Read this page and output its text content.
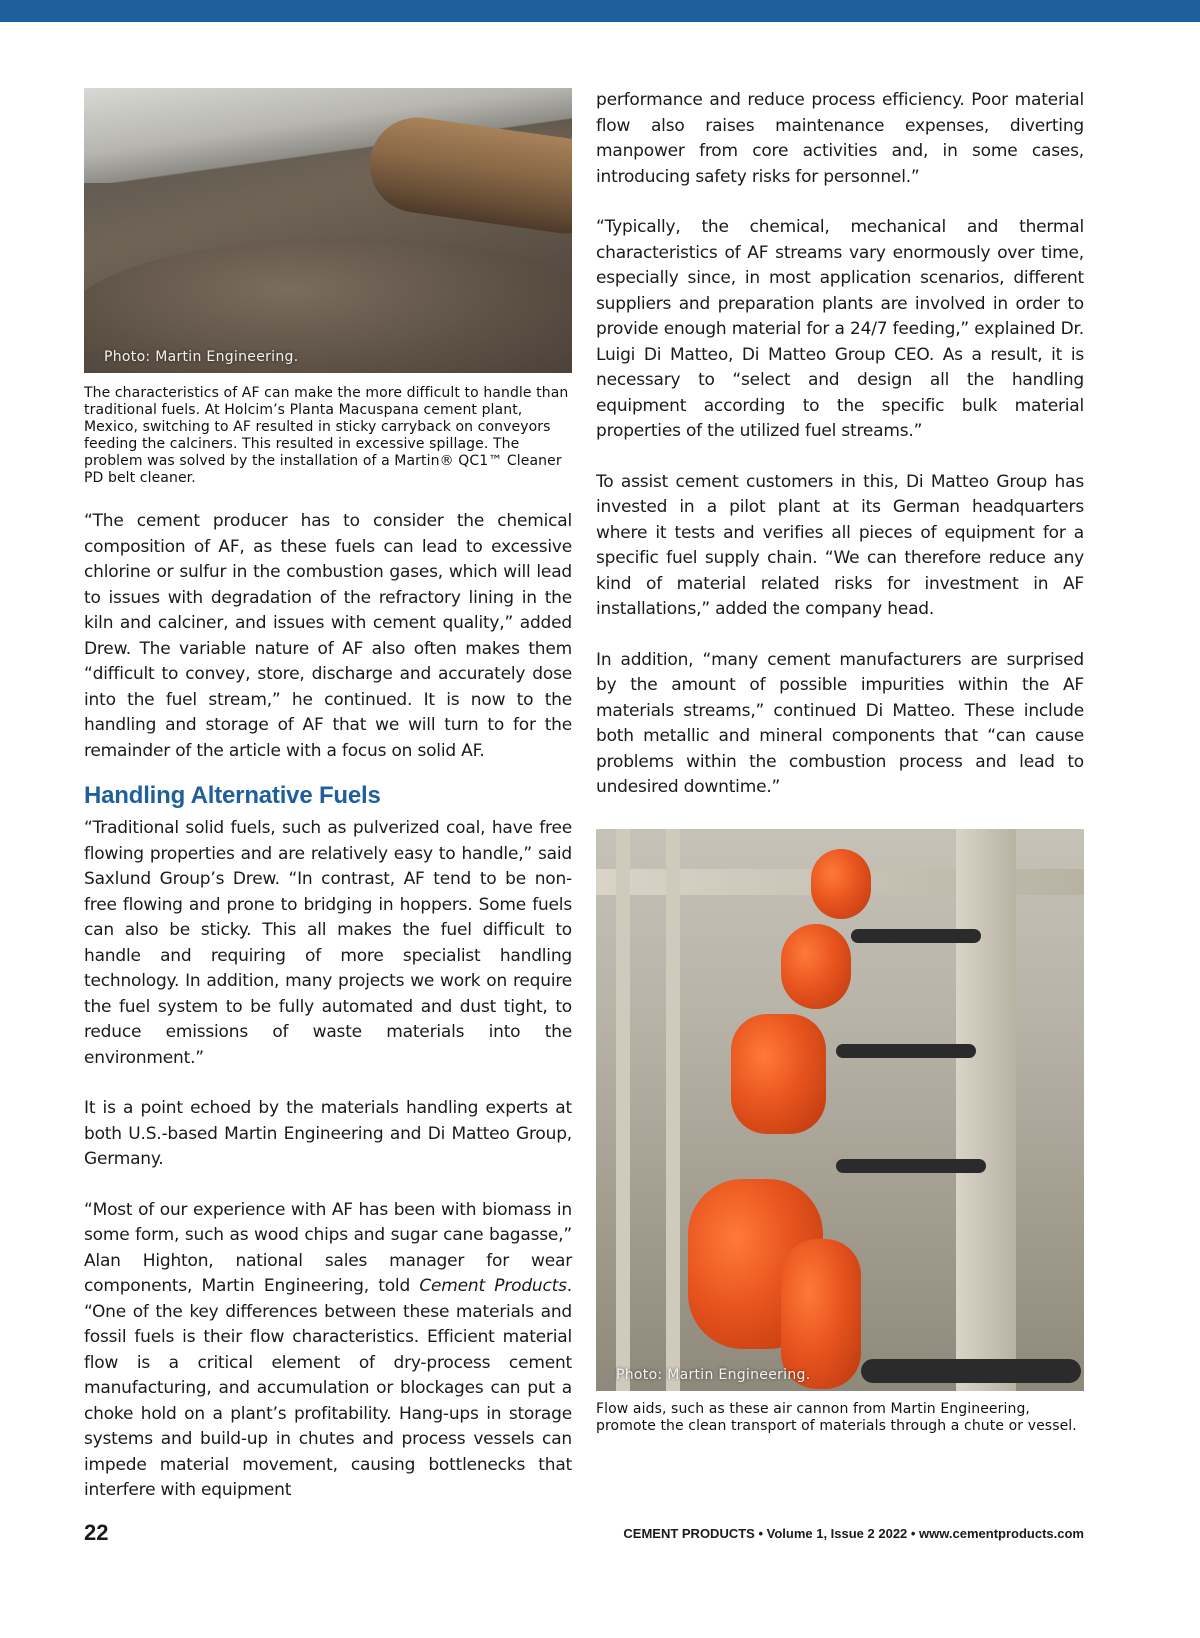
Photo: Martin Engineering.

The characteristics of AF can make the more difficult to handle than traditional fuels. At Holcim’s Planta Macuspana cement plant, Mexico, switching to AF resulted in sticky carryback on conveyors feeding the calciners. This resulted in excessive spillage. The problem was solved by the installation of a Martin® QC1™ Cleaner PD belt cleaner.

“The cement producer has to consider the chemical composition of AF, as these fuels can lead to excessive chlorine or sulfur in the combustion gases, which will lead to issues with degradation of the refractory lining in the kiln and calciner, and issues with cement quality,” added Drew. The variable nature of AF also often makes them “difficult to convey, store, discharge and accurately dose into the fuel stream,” he continued. It is now to the handling and storage of AF that we will turn to for the remainder of the article with a focus on solid AF.

Handling Alternative Fuels

“Traditional solid fuels, such as pulverized coal, have free flowing properties and are relatively easy to handle,” said Saxlund Group’s Drew. “In contrast, AF tend to be non-free flowing and prone to bridging in hoppers. Some fuels can also be sticky. This all makes the fuel difficult to handle and requiring of more specialist handling technology. In addition, many projects we work on require the fuel system to be fully automated and dust tight, to reduce emissions of waste materials into the environment.”

It is a point echoed by the materials handling experts at both U.S.-based Martin Engineering and Di Matteo Group, Germany.

“Most of our experience with AF has been with biomass in some form, such as wood chips and sugar cane bagasse,” Alan Highton, national sales manager for wear components, Martin Engineering, told Cement Products. “One of the key differences between these materials and fossil fuels is their flow characteristics. Efficient material flow is a critical element of dry-process cement manufacturing, and accumulation or blockages can put a choke hold on a plant’s profitability. Hang-ups in storage systems and build-up in chutes and process vessels can impede material movement, causing bottlenecks that interfere with equipment

performance and reduce process efficiency. Poor material flow also raises maintenance expenses, diverting manpower from core activities and, in some cases, introducing safety risks for personnel.”

“Typically, the chemical, mechanical and thermal characteristics of AF streams vary enormously over time, especially since, in most application scenarios, different suppliers and preparation plants are involved in order to provide enough material for a 24/7 feeding,” explained Dr. Luigi Di Matteo, Di Matteo Group CEO. As a result, it is necessary to “select and design all the handling equipment according to the specific bulk material properties of the utilized fuel streams.”

To assist cement customers in this, Di Matteo Group has invested in a pilot plant at its German headquarters where it tests and verifies all pieces of equipment for a specific fuel supply chain. “We can therefore reduce any kind of material related risks for investment in AF installations,” added the company head.

In addition, “many cement manufacturers are surprised by the amount of possible impurities within the AF materials streams,” continued Di Matteo. These include both metallic and mineral components that “can cause problems within the combustion process and lead to undesired downtime.”

Photo: Martin Engineering.

Flow aids, such as these air cannon from Martin Engineering, promote the clean transport of materials through a chute or vessel.

22	CEMENT PRODUCTS • Volume 1, Issue 2 2022 • www.cementproducts.com
